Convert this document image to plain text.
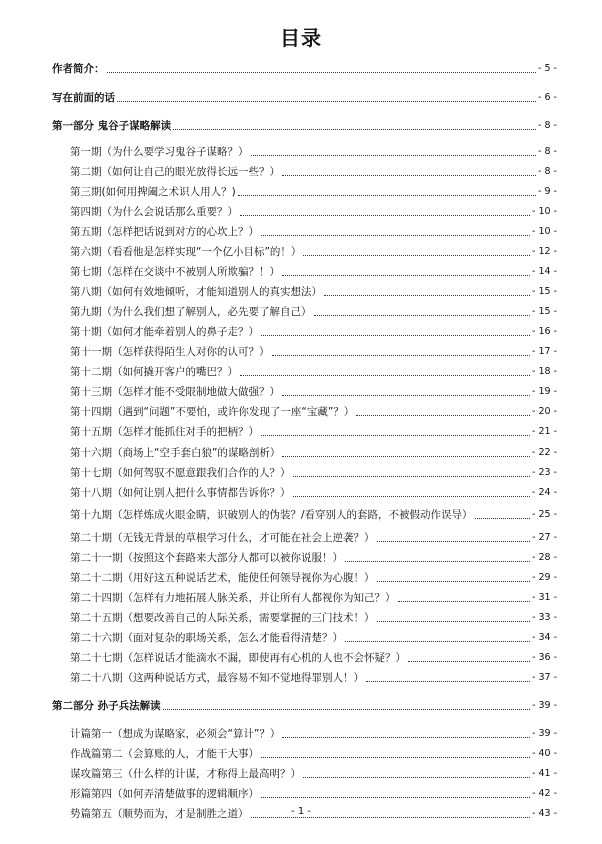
目录
作者简介：	- 5 -
写在前面的话	- 6 -
第一部分 鬼谷子谋略解读	- 8 -
第一期（为什么要学习鬼谷子谋略？）	- 8 -
第二期（如何让自己的眼光放得长远一些？）	- 8 -
第三期(如何用捭阖之术识人用人？)	- 9 -
第四期（为什么会说话那么重要？）	- 10 -
第五期（怎样把话说到对方的心坎上？）	- 10 -
第六期（看看他是怎样实现“一个亿小目标”的！）	- 12 -
第七期（怎样在交谈中不被别人所欺骗？！）	- 14 -
第八期（如何有效地倾听，才能知道别人的真实想法）	- 15 -
第九期（为什么我们想了解别人，必先要了解自己）	- 15 -
第十期（如何才能牵着别人的鼻子走？）	- 16 -
第十一期（怎样获得陌生人对你的认可？）	- 17 -
第十二期（如何撬开客户的嘴巴？）	- 18 -
第十三期（怎样才能不受限制地做大做强？）	- 19 -
第十四期（遇到“问题”不要怕，或许你发现了一座“宝藏”？）	- 20 -
第十五期（怎样才能抓住对手的把柄？）	- 21 -
第十六期（商场上“空手套白狼”的谋略剖析）	- 22 -
第十七期（如何驾驭不愿意跟我们合作的人？）	- 23 -
第十八期（如何让别人把什么事情都告诉你？）	- 24 -
第十九期（怎样炼成火眼金睛，识破别人的伪装？/看穿别人的套路，不被假动作误导）	- 25 -
第二十期（无钱无背景的草根学习什么，才可能在社会上逆袭？）	- 27 -
第二十一期（按照这个套路来大部分人都可以被你说服！）	- 28 -
第二十二期（用好这五种说话艺术，能使任何领导视你为心腹！）	- 29 -
第二十四期（怎样有力地拓展人脉关系，并让所有人都视你为知己？）	- 31 -
第二十五期（想要改善自己的人际关系，需要掌握的三门技术！）	- 33 -
第二十六期（面对复杂的职场关系，怎么才能看得清楚？）	- 34 -
第二十七期（怎样说话才能滴水不漏，即使再有心机的人也不会怀疑？）	- 36 -
第二十八期（这两种说话方式，最容易不知不觉地得罪别人！）	- 37 -
第二部分 孙子兵法解读	- 39 -
计篇第一（想成为谋略家，必须会“算计”？）	- 39 -
作战篇第二（会算账的人，才能干大事）	- 40 -
谋攻篇第三（什么样的计谋，才称得上最高明？）	- 41 -
形篇第四（如何弄清楚做事的逻辑顺序）	- 42 -
势篇第五（顺势而为，才是制胜之道）	- 43 -
- 1 -
